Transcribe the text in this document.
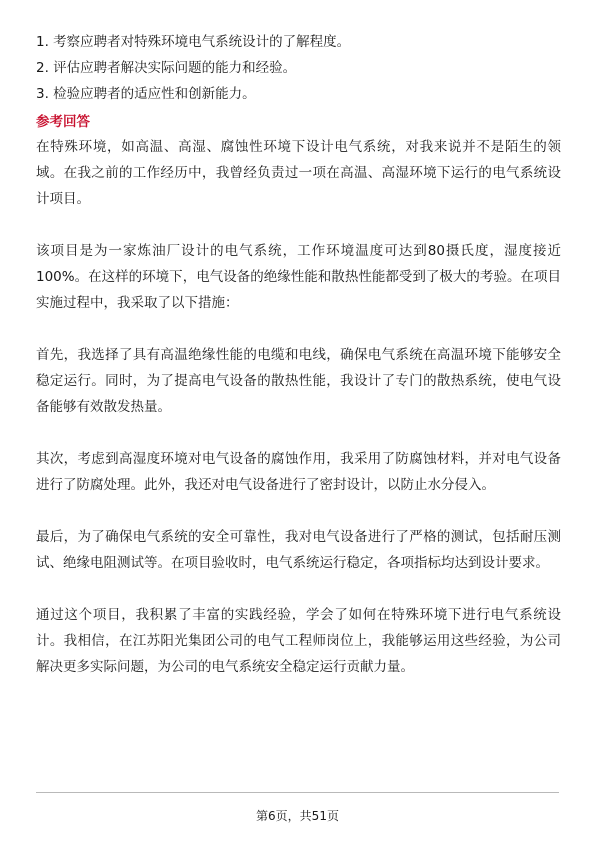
1. 考察应聘者对特殊环境电气系统设计的了解程度。
2. 评估应聘者解决实际问题的能力和经验。
3. 检验应聘者的适应性和创新能力。
参考回答

在特殊环境，如高温、高湿、腐蚀性环境下设计电气系统，对我来说并不是陌生的领域。在我之前的工作经历中，我曾经负责过一项在高温、高湿环境下运行的电气系统设计项目。

该项目是为一家炼油厂设计的电气系统，工作环境温度可达到80摄氏度，湿度接近100%。在这样的环境下，电气设备的绝缘性能和散热性能都受到了极大的考验。在项目实施过程中，我采取了以下措施：

首先，我选择了具有高温绝缘性能的电缆和电线，确保电气系统在高温环境下能够安全稳定运行。同时，为了提高电气设备的散热性能，我设计了专门的散热系统，使电气设备能够有效散发热量。

其次，考虑到高湿度环境对电气设备的腐蚀作用，我采用了防腐蚀材料，并对电气设备进行了防腐处理。此外，我还对电气设备进行了密封设计，以防止水分侵入。

最后，为了确保电气系统的安全可靠性，我对电气设备进行了严格的测试，包括耐压测试、绝缘电阻测试等。在项目验收时，电气系统运行稳定，各项指标均达到设计要求。

通过这个项目，我积累了丰富的实践经验，学会了如何在特殊环境下进行电气系统设计。我相信，在江苏阳光集团公司的电气工程师岗位上，我能够运用这些经验，为公司解决更多实际问题，为公司的电气系统安全稳定运行贡献力量。

第6页，共51页
